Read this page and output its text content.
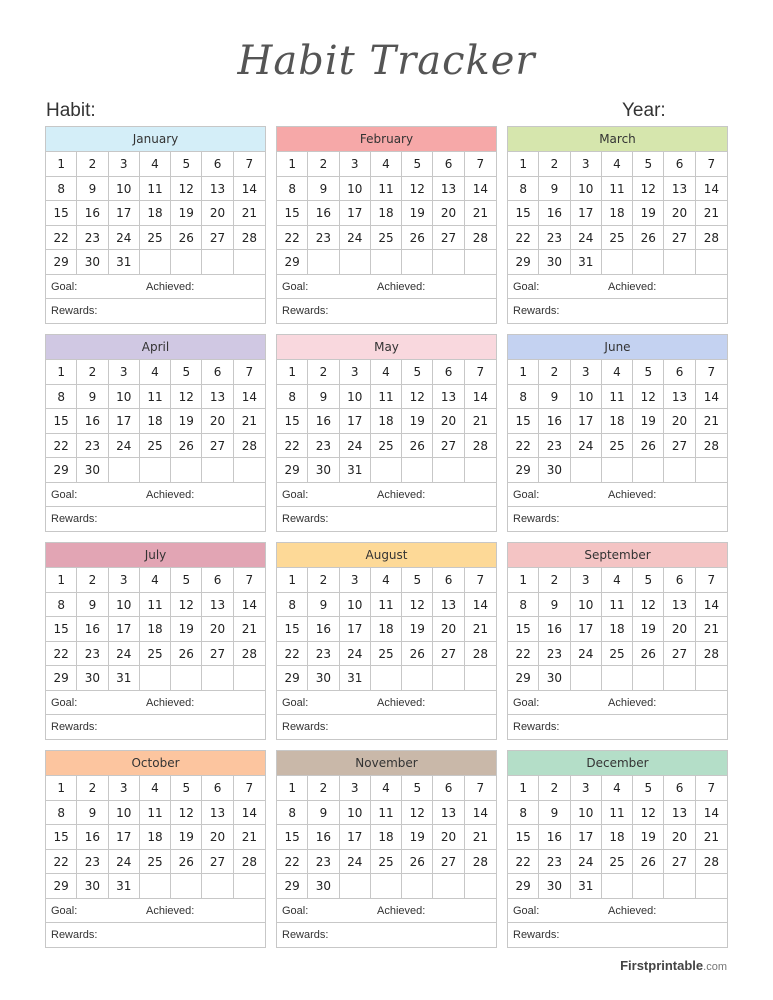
Habit Tracker
Habit:	Year:
January
1	2	3	4	5	6	7
8	9	10	11	12	13	14
15	16	17	18	19	20	21
22	23	24	25	26	27	28
29	30	31
Goal:	Achieved:
Rewards:
February
1	2	3	4	5	6	7
8	9	10	11	12	13	14
15	16	17	18	19	20	21
22	23	24	25	26	27	28
29
Goal:	Achieved:
Rewards:
March
1	2	3	4	5	6	7
8	9	10	11	12	13	14
15	16	17	18	19	20	21
22	23	24	25	26	27	28
29	30	31
Goal:	Achieved:
Rewards:
April
1	2	3	4	5	6	7
8	9	10	11	12	13	14
15	16	17	18	19	20	21
22	23	24	25	26	27	28
29	30
Goal:	Achieved:
Rewards:
May
1	2	3	4	5	6	7
8	9	10	11	12	13	14
15	16	17	18	19	20	21
22	23	24	25	26	27	28
29	30	31
Goal:	Achieved:
Rewards:
June
1	2	3	4	5	6	7
8	9	10	11	12	13	14
15	16	17	18	19	20	21
22	23	24	25	26	27	28
29	30
Goal:	Achieved:
Rewards:
July
1	2	3	4	5	6	7
8	9	10	11	12	13	14
15	16	17	18	19	20	21
22	23	24	25	26	27	28
29	30	31
Goal:	Achieved:
Rewards:
August
1	2	3	4	5	6	7
8	9	10	11	12	13	14
15	16	17	18	19	20	21
22	23	24	25	26	27	28
29	30	31
Goal:	Achieved:
Rewards:
September
1	2	3	4	5	6	7
8	9	10	11	12	13	14
15	16	17	18	19	20	21
22	23	24	25	26	27	28
29	30
Goal:	Achieved:
Rewards:
October
1	2	3	4	5	6	7
8	9	10	11	12	13	14
15	16	17	18	19	20	21
22	23	24	25	26	27	28
29	30	31
Goal:	Achieved:
Rewards:
November
1	2	3	4	5	6	7
8	9	10	11	12	13	14
15	16	17	18	19	20	21
22	23	24	25	26	27	28
29	30
Goal:	Achieved:
Rewards:
December
1	2	3	4	5	6	7
8	9	10	11	12	13	14
15	16	17	18	19	20	21
22	23	24	25	26	27	28
29	30	31
Goal:	Achieved:
Rewards:
Firstprintable.com
